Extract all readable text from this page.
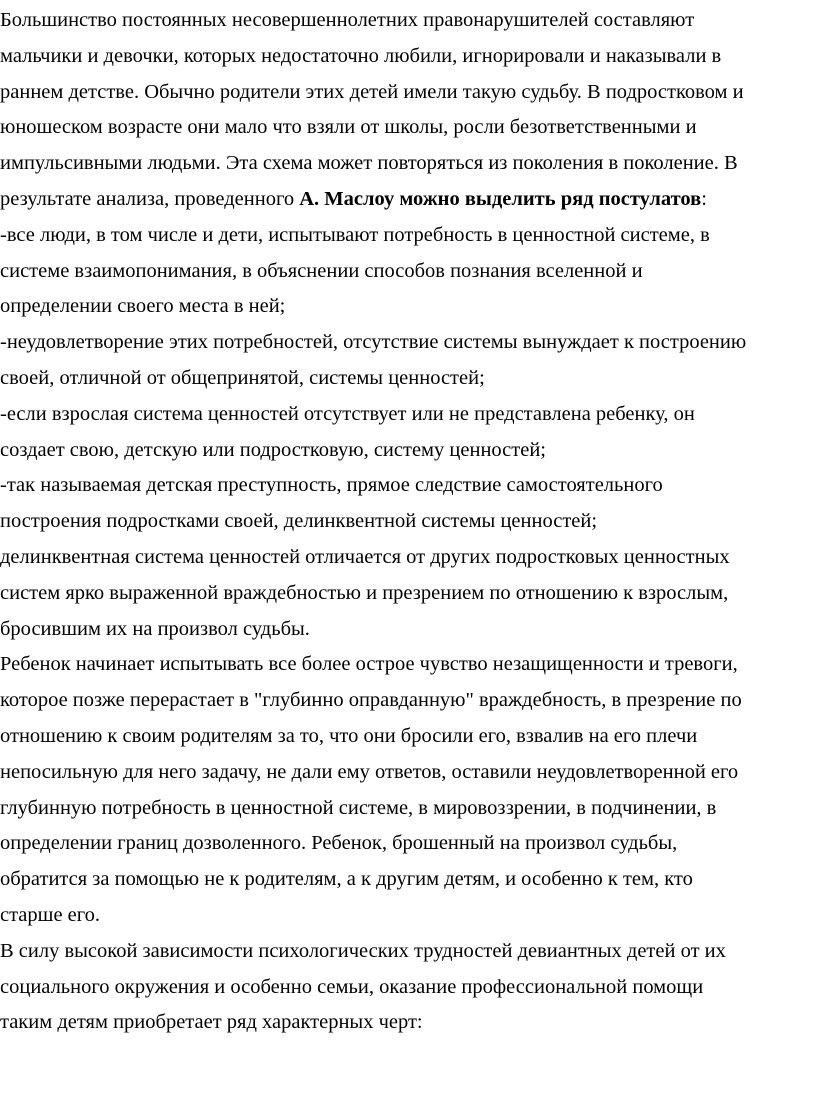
Большинство постоянных несовершеннолетних правонарушителей составляют
мальчики и девочки, которых недостаточно любили, игнорировали и наказывали в
раннем детстве. Обычно родители этих детей имели такую судьбу. В подростковом и
юношеском возрасте они мало что взяли от школы, росли безответственными и
импульсивными людьми. Эта схема может повторяться из поколения в поколение. В
результате анализа, проведенного А. Маслоу можно выделить ряд постулатов:

-все люди, в том числе и дети, испытывают потребность в ценностной системе, в
системе взаимопонимания, в объяснении способов познания вселенной и
определении своего места в ней;

-неудовлетворение этих потребностей, отсутствие системы вынуждает к построению
своей, отличной от общепринятой, системы ценностей;

-если взрослая система ценностей отсутствует или не представлена ребенку, он
создает свою, детскую или подростковую, систему ценностей;

-так называемая детская преступность, прямое следствие самостоятельного
построения подростками своей, делинквентной системы ценностей;

делинквентная система ценностей отличается от других подростковых ценностных
систем ярко выраженной враждебностью и презрением по отношению к взрослым,
бросившим их на произвол судьбы.

Ребенок начинает испытывать все более острое чувство незащищенности и тревоги,
которое позже перерастает в "глубинно оправданную" враждебность, в презрение по
отношению к своим родителям за то, что они бросили его, взвалив на его плечи
непосильную для него задачу, не дали ему ответов, оставили неудовлетворенной его
глубинную потребность в ценностной системе, в мировоззрении, в подчинении, в
определении границ дозволенного. Ребенок, брошенный на произвол судьбы,
обратится за помощью не к родителям, а к другим детям, и особенно к тем, кто
старше его.

В силу высокой зависимости психологических трудностей девиантных детей от их
социального окружения и особенно семьи, оказание профессиональной помощи
таким детям приобретает ряд характерных черт:
